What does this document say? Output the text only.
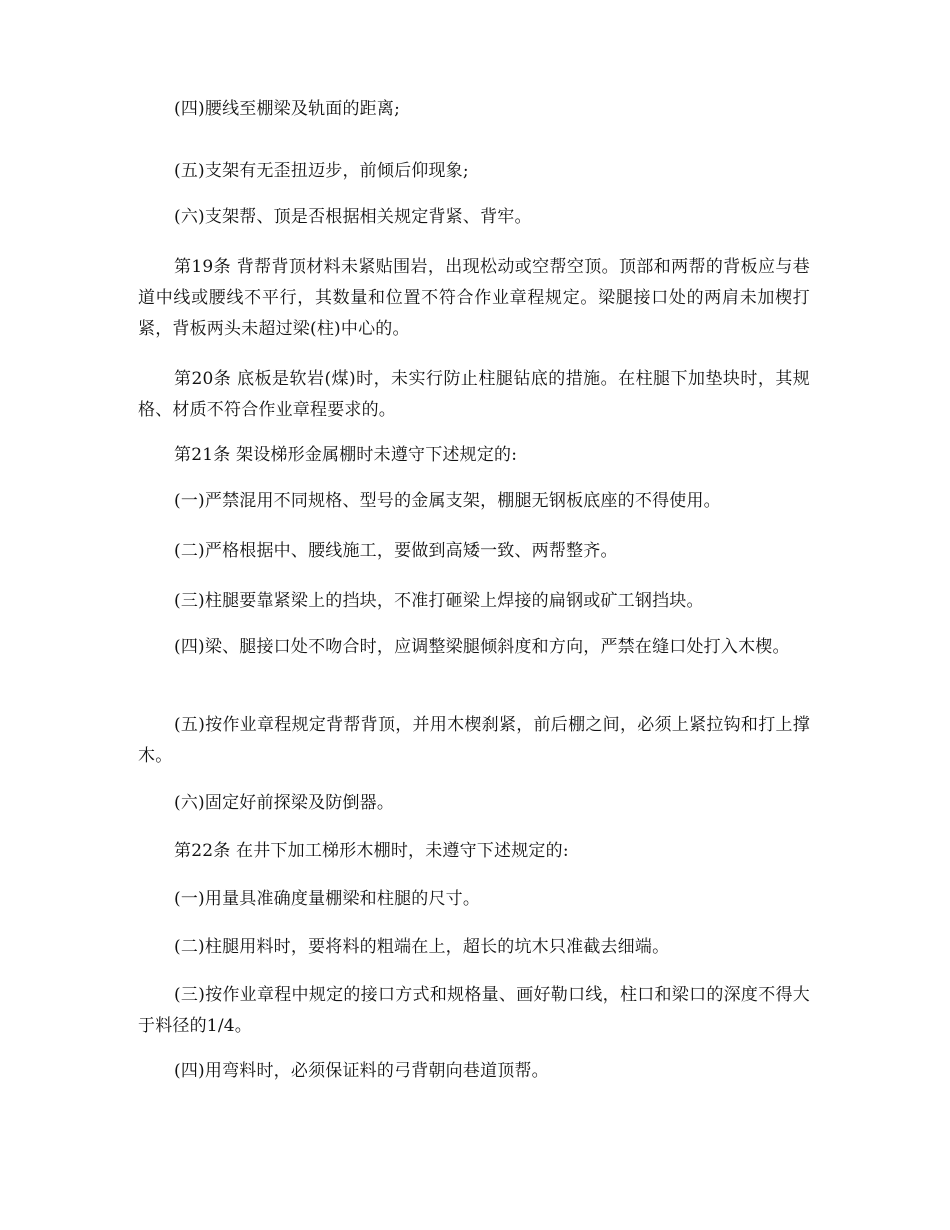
(四)腰线至棚梁及轨面的距离;

(五)支架有无歪扭迈步，前倾后仰现象;

(六)支架帮、顶是否根据相关规定背紧、背牢。

第19条 背帮背顶材料未紧贴围岩，出现松动或空帮空顶。顶部和两帮的背板应与巷道中线或腰线不平行，其数量和位置不符合作业章程规定。梁腿接口处的两肩未加楔打紧，背板两头未超过梁(柱)中心的。

第20条 底板是软岩(煤)时，未实行防止柱腿钻底的措施。在柱腿下加垫块时，其规格、材质不符合作业章程要求的。

第21条 架设梯形金属棚时未遵守下述规定的:

(一)严禁混用不同规格、型号的金属支架，棚腿无钢板底座的不得使用。

(二)严格根据中、腰线施工，要做到高矮一致、两帮整齐。

(三)柱腿要靠紧梁上的挡块，不准打砸梁上焊接的扁钢或矿工钢挡块。

(四)梁、腿接口处不吻合时，应调整梁腿倾斜度和方向，严禁在缝口处打入木楔。

(五)按作业章程规定背帮背顶，并用木楔刹紧，前后棚之间，必须上紧拉钩和打上撑木。

(六)固定好前探梁及防倒器。

第22条 在井下加工梯形木棚时，未遵守下述规定的:

(一)用量具准确度量棚梁和柱腿的尺寸。

(二)柱腿用料时，要将料的粗端在上，超长的坑木只准截去细端。

(三)按作业章程中规定的接口方式和规格量、画好勒口线，柱口和梁口的深度不得大于料径的1/4。

(四)用弯料时，必须保证料的弓背朝向巷道顶帮。
